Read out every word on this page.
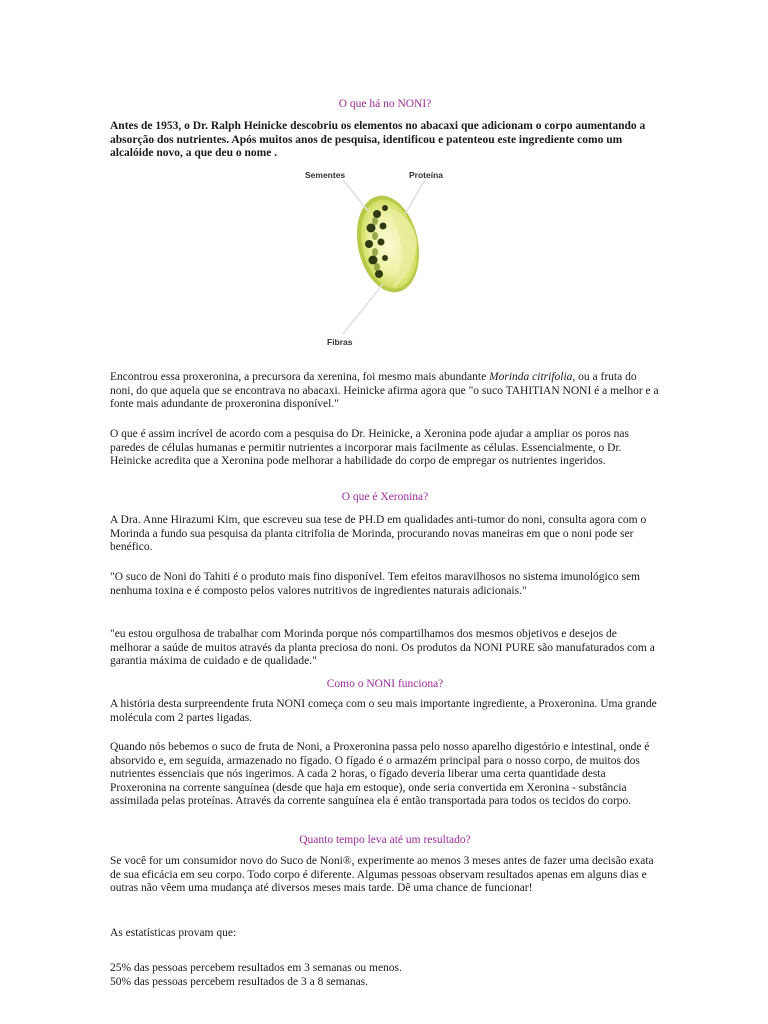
O que há no NONI?

Antes de 1953, o Dr. Ralph Heinicke descobriu os elementos no abacaxi que adicionam o corpo aumentando a absorção dos nutrientes. Após muitos anos de pesquisa, identificou e patenteou este ingrediente como um alcalóide novo, a que deu o nome .

Sementes	Proteína
Fibras

Encontrou essa proxeronina, a precursora da xerenina, foi mesmo mais abundante Morinda citrifolia, ou a fruta do noni, do que aquela que se encontrava no abacaxi. Heinicke afirma agora que "o suco TAHITIAN NONI é a melhor e a fonte mais adundante de proxeronina disponível."

O que é assim incrível de acordo com a pesquisa do Dr. Heinicke, a Xeronina pode ajudar a ampliar os poros nas paredes de células humanas e permitir nutrientes a incorporar mais facilmente as células. Essencialmente, o Dr. Heinicke acredita que a Xeronina pode melhorar a habilidade do corpo de empregar os nutrientes ingeridos.

O que é Xeronina?

A Dra. Anne Hirazumi Kim, que escreveu sua tese de PH.D em qualidades anti-tumor do noni, consulta agora com o Morinda a fundo sua pesquisa da planta citrifolia de Morinda, procurando novas maneiras em que o noni pode ser benéfico.

"O suco de Noni do Tahiti é o produto mais fino disponível. Tem efeitos maravilhosos no sistema imunológico sem nenhuma toxina e é composto pelos valores nutritivos de ingredientes naturais adicionais."

"eu estou orgulhosa de trabalhar com Morinda porque nós compartilhamos dos mesmos objetivos e desejos de melhorar a saúde de muitos através da planta preciosa do noni. Os produtos da NONI PURE são manufaturados com a garantia máxima de cuidado e de qualidade."

Como o NONI funciona?

A história desta surpreendente fruta NONI começa com o seu mais importante ingrediente, a Proxeronina. Uma grande molécula com 2 partes ligadas.

Quando nós bebemos o suco de fruta de Noni, a Proxeronina passa pelo nosso aparelho digestório e intestinal, onde é absorvido e, em seguida, armazenado no fígado. O fígado é o armazém principal para o nosso corpo, de muitos dos nutrientes essenciais que nós ingerimos. A cada 2 horas, o fígado deveria liberar uma certa quantidade desta Proxeronina na corrente sanguínea (desde que haja em estoque), onde seria convertida em Xeronina - substância assimilada pelas proteínas. Através da corrente sanguínea ela é então transportada para todos os tecidos do corpo.

Quanto tempo leva até um resultado?

Se você for um consumidor novo do Suco de Noni®, experimente ao menos 3 meses antes de fazer uma decisão exata de sua eficácia em seu corpo. Todo corpo é diferente. Algumas pessoas observam resultados apenas em alguns dias e outras não vêem uma mudança até diversos meses mais tarde. Dê uma chance de funcionar!

As estatísticas provam que:

25% das pessoas percebem resultados em 3 semanas ou menos.

50% das pessoas percebem resultados de 3 a 8 semanas.
